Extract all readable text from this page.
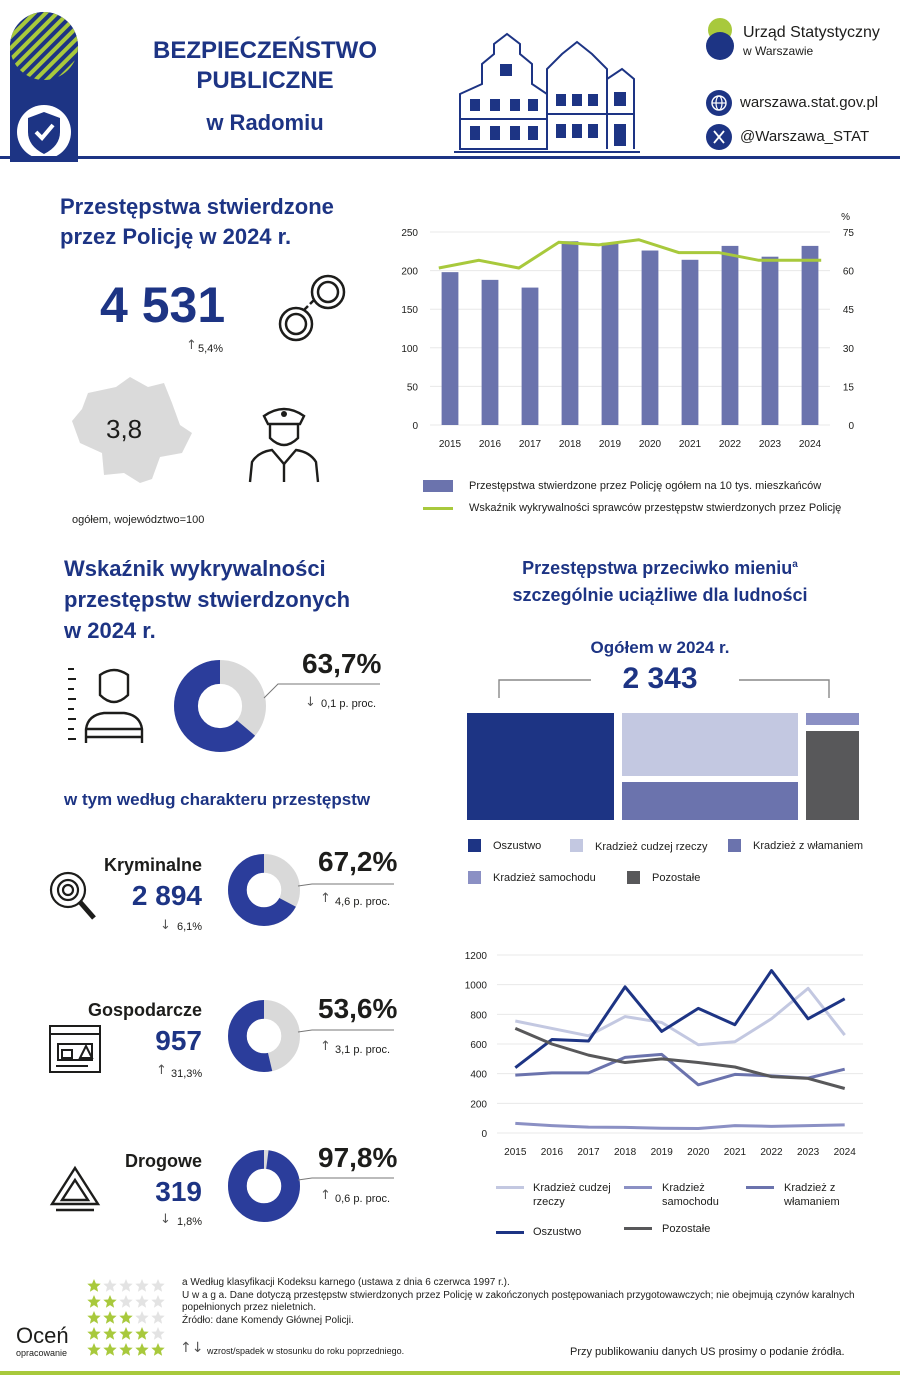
BEZPIECZEŃSTWO
PUBLICZNE
w Radomiu
Urząd Statystyczny
w Warszawie
warszawa.stat.gov.pl
@Warszawa_STAT
Przestępstwa stwierdzone
przez Policję w 2024 r.
4 531
↑ 5,4%
3,8
ogółem, województwo=100
0
50
100
150
200
250
0
15
30
45
60
75
%
2015 2016 2017 2018 2019 2020 2021 2022 2023 2024
Przestępstwa stwierdzone przez Policję ogółem na 10 tys. mieszkańców
Wskaźnik wykrywalności sprawców przestępstw stwierdzonych przez Policję
Wskaźnik wykrywalności
przestępstw stwierdzonych
w 2024 r.
63,7%
↓ 0,1 p. proc.
w tym według charakteru przestępstw
Kryminalne
2 894
↓ 6,1%
67,2%
↑ 4,6 p. proc.
Gospodarcze
957
↑ 31,3%
53,6%
↑ 3,1 p. proc.
Drogowe
319
↓ 1,8%
97,8%
↑ 0,6 p. proc.
Przestępstwa przeciwko mieniu$^a$
szczególnie uciążliwe dla ludności
Ogółem w 2024 r.
2 343
Oszustwo	Kradzież cudzej rzeczy	Kradzież z włamaniem
Kradzież samochodu	Pozostałe
0
200
400
600
800
1000
1200
2015 2016 2017 2018 2019 2020 2021 2022 2023 2024
Kradzież cudzej rzeczy
Kradzież samochodu
Kradzież z włamaniem
Oszustwo	Pozostałe
Oceń
opracowanie
a Według klasyfikacji Kodeksu karnego (ustawa z dnia 6 czerwca 1997 r.).
U w a g a. Dane dotyczą przestępstw stwierdzonych przez Policję w zakończonych postępowaniach przygotowawczych; nie obejmują czynów karalnych popełnionych przez nieletnich.
Źródło: dane Komendy Głównej Policji.
↑↓ wzrost/spadek w stosunku do roku poprzedniego.	Przy publikowaniu danych US prosimy o podanie źródła.
